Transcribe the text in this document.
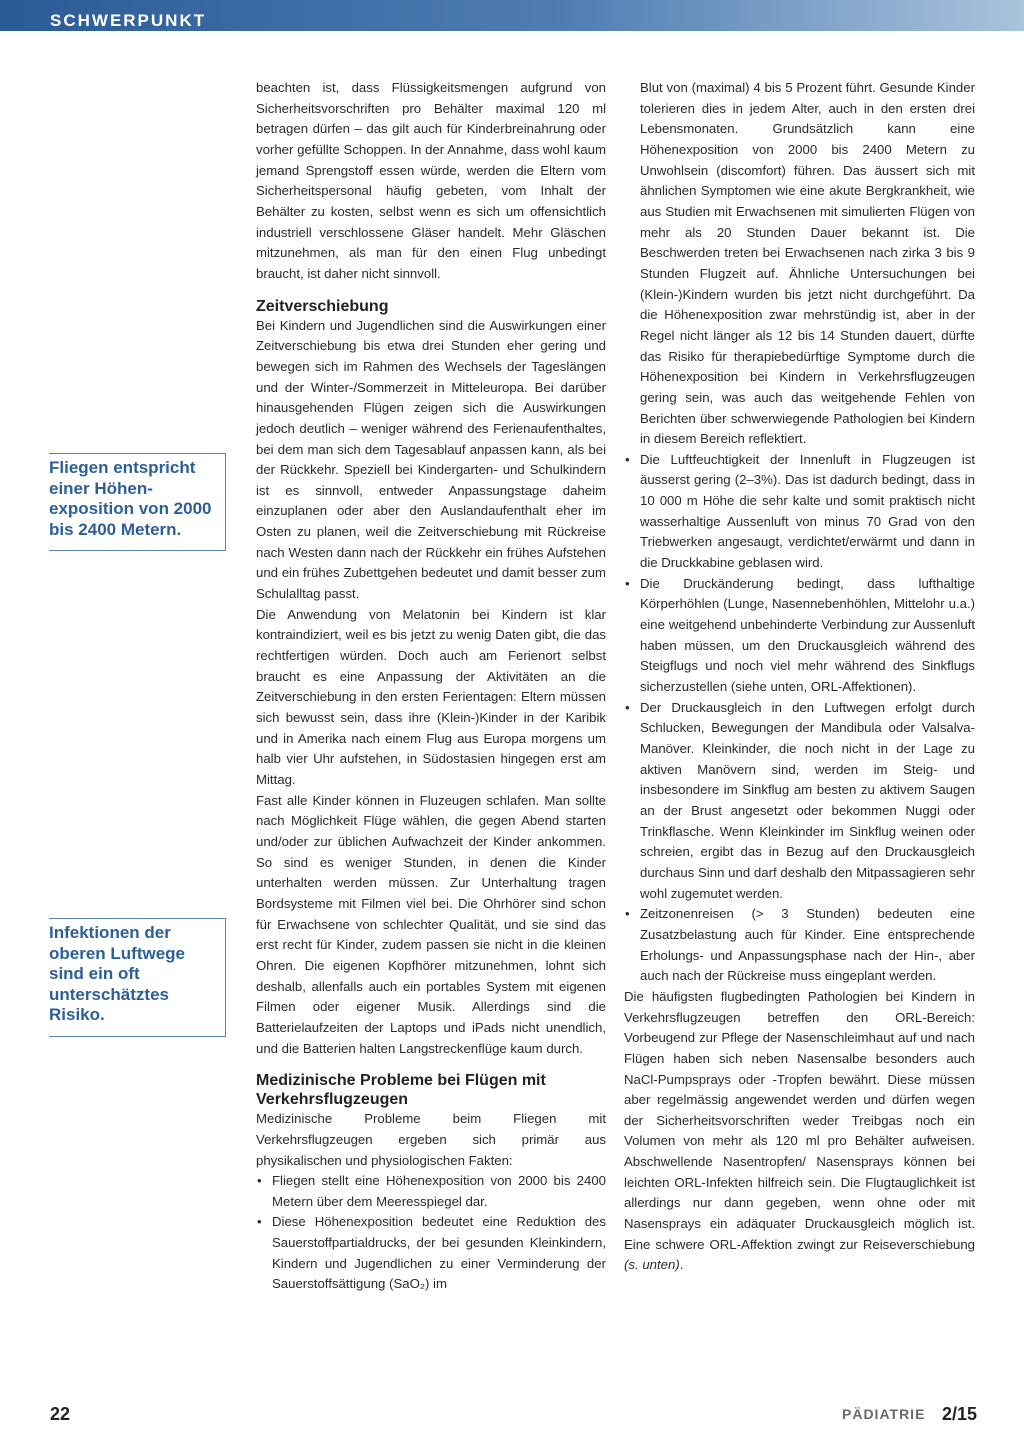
SCHWERPUNKT
Fliegen entspricht einer Höhenexposition von 2000 bis 2400 Metern.
Infektionen der oberen Luftwege sind ein oft unterschätztes Risiko.

beachten ist, dass Flüssigkeitsmengen aufgrund von Sicherheitsvorschriften pro Behälter maximal 120 ml betragen dürfen – das gilt auch für Kinderbreinahrung oder vorher gefüllte Schoppen. In der Annahme, dass wohl kaum jemand Sprengstoff essen würde, werden die Eltern vom Sicherheitspersonal häufig gebeten, vom Inhalt der Behälter zu kosten, selbst wenn es sich um offensichtlich industriell verschlossene Gläser handelt. Mehr Gläschen mitzunehmen, als man für den einen Flug unbedingt braucht, ist daher nicht sinnvoll.

Zeitverschiebung

Bei Kindern und Jugendlichen sind die Auswirkungen einer Zeitverschiebung bis etwa drei Stunden eher gering und bewegen sich im Rahmen des Wechsels der Tageslängen und der Winter-/Sommerzeit in Mitteleuropa. Bei darüber hinausgehenden Flügen zeigen sich die Auswirkungen jedoch deutlich – weniger während des Ferienaufenthaltes, bei dem man sich dem Tagesablauf anpassen kann, als bei der Rückkehr. Speziell bei Kindergarten- und Schulkindern ist es sinnvoll, entweder Anpassungstage daheim einzuplanen oder aber den Auslandaufenthalt eher im Osten zu planen, weil die Zeitverschiebung mit Rückreise nach Westen dann nach der Rückkehr ein frühes Aufstehen und ein frühes Zubettgehen bedeutet und damit besser zum Schulalltag passt.

Die Anwendung von Melatonin bei Kindern ist klar kontraindiziert, weil es bis jetzt zu wenig Daten gibt, die das rechtfertigen würden. Doch auch am Ferienort selbst braucht es eine Anpassung der Aktivitäten an die Zeitverschiebung in den ersten Ferientagen: Eltern müssen sich bewusst sein, dass ihre (Klein-)Kinder in der Karibik und in Amerika nach einem Flug aus Europa morgens um halb vier Uhr aufstehen, in Südostasien hingegen erst am Mittag.

Fast alle Kinder können in Fluzeugen schlafen. Man sollte nach Möglichkeit Flüge wählen, die gegen Abend starten und/oder zur üblichen Aufwachzeit der Kinder ankommen. So sind es weniger Stunden, in denen die Kinder unterhalten werden müssen. Zur Unterhaltung tragen Bordsysteme mit Filmen viel bei. Die Ohrhörer sind schon für Erwachsene von schlechter Qualität, und sie sind das erst recht für Kinder, zudem passen sie nicht in die kleinen Ohren. Die eigenen Kopfhörer mitzunehmen, lohnt sich deshalb, allenfalls auch ein portables System mit eigenen Filmen oder eigener Musik. Allerdings sind die Batterielaufzeiten der Laptops und iPads nicht unendlich, und die Batterien halten Langstreckenflüge kaum durch.

Medizinische Probleme bei Flügen mit Verkehrsflugzeugen

Medizinische Probleme beim Fliegen mit Verkehrsflugzeugen ergeben sich primär aus physikalischen und physiologischen Fakten:

• Fliegen stellt eine Höhenexposition von 2000 bis 2400 Metern über dem Meeresspiegel dar.
• Diese Höhenexposition bedeutet eine Reduktion des Sauerstoffpartialdrucks, der bei gesunden Kleinkindern, Kindern und Jugendlichen zu einer Verminderung der Sauerstoffsättigung (SaO₂) im

Blut von (maximal) 4 bis 5 Prozent führt. Gesunde Kinder tolerieren dies in jedem Alter, auch in den ersten drei Lebensmonaten. Grundsätzlich kann eine Höhenexposition von 2000 bis 2400 Metern zu Unwohlsein (discomfort) führen. Das äussert sich mit ähnlichen Symptomen wie eine akute Bergkrankheit, wie aus Studien mit Erwachsenen mit simulierten Flügen von mehr als 20 Stunden Dauer bekannt ist. Die Beschwerden treten bei Erwachsenen nach zirka 3 bis 9 Stunden Flugzeit auf. Ähnliche Untersuchungen bei (Klein-)Kindern wurden bis jetzt nicht durchgeführt. Da die Höhenexposition zwar mehrstündig ist, aber in der Regel nicht länger als 12 bis 14 Stunden dauert, dürfte das Risiko für therapiebedürftige Symptome durch die Höhenexposition bei Kindern in Verkehrsflugzeugen gering sein, was auch das weitgehende Fehlen von Berichten über schwerwiegende Pathologien bei Kindern in diesem Bereich reflektiert.

• Die Luftfeuchtigkeit der Innenluft in Flugzeugen ist äusserst gering (2–3%). Das ist dadurch bedingt, dass in 10 000 m Höhe die sehr kalte und somit praktisch nicht wasserhaltige Aussenluft von minus 70 Grad von den Triebwerken angesaugt, verdichtet/erwärmt und dann in die Druckkabine geblasen wird.
• Die Druckänderung bedingt, dass lufthaltige Körperhöhlen (Lunge, Nasennebenhöhlen, Mittelohr u.a.) eine weitgehend unbehinderte Verbindung zur Aussenluft haben müssen, um den Druckausgleich während des Steigflugs und noch viel mehr während des Sinkflugs sicherzustellen (siehe unten, ORL-Affektionen).
• Der Druckausgleich in den Luftwegen erfolgt durch Schlucken, Bewegungen der Mandibula oder Valsalva-Manöver. Kleinkinder, die noch nicht in der Lage zu aktiven Manövern sind, werden im Steig- und insbesondere im Sinkflug am besten zu aktivem Saugen an der Brust angesetzt oder bekommen Nuggi oder Trinkflasche. Wenn Kleinkinder im Sinkflug weinen oder schreien, ergibt das in Bezug auf den Druckausgleich durchaus Sinn und darf deshalb den Mitpassagieren sehr wohl zugemutet werden.
• Zeitzonenreisen (> 3 Stunden) bedeuten eine Zusatzbelastung auch für Kinder. Eine entsprechende Erholungs- und Anpassungsphase nach der Hin-, aber auch nach der Rückreise muss eingeplant werden.

Die häufigsten flugbedingten Pathologien bei Kindern in Verkehrsflugzeugen betreffen den ORL-Bereich: Vorbeugend zur Pflege der Nasenschleimhaut auf und nach Flügen haben sich neben Nasensalbe besonders auch NaCl-Pumpsprays oder -Tropfen bewährt. Diese müssen aber regelmässig angewendet werden und dürfen wegen der Sicherheitsvorschriften weder Treibgas noch ein Volumen von mehr als 120 ml pro Behälter aufweisen. Abschwellende Nasentropfen/ Nasensprays können bei leichten ORL-Infekten hilfreich sein. Die Flugtauglichkeit ist allerdings nur dann gegeben, wenn ohne oder mit Nasensprays ein adäquater Druckausgleich möglich ist. Eine schwere ORL-Affektion zwingt zur Reiseverschiebung (s. unten).

22	PÄDIATRIE 2/15
